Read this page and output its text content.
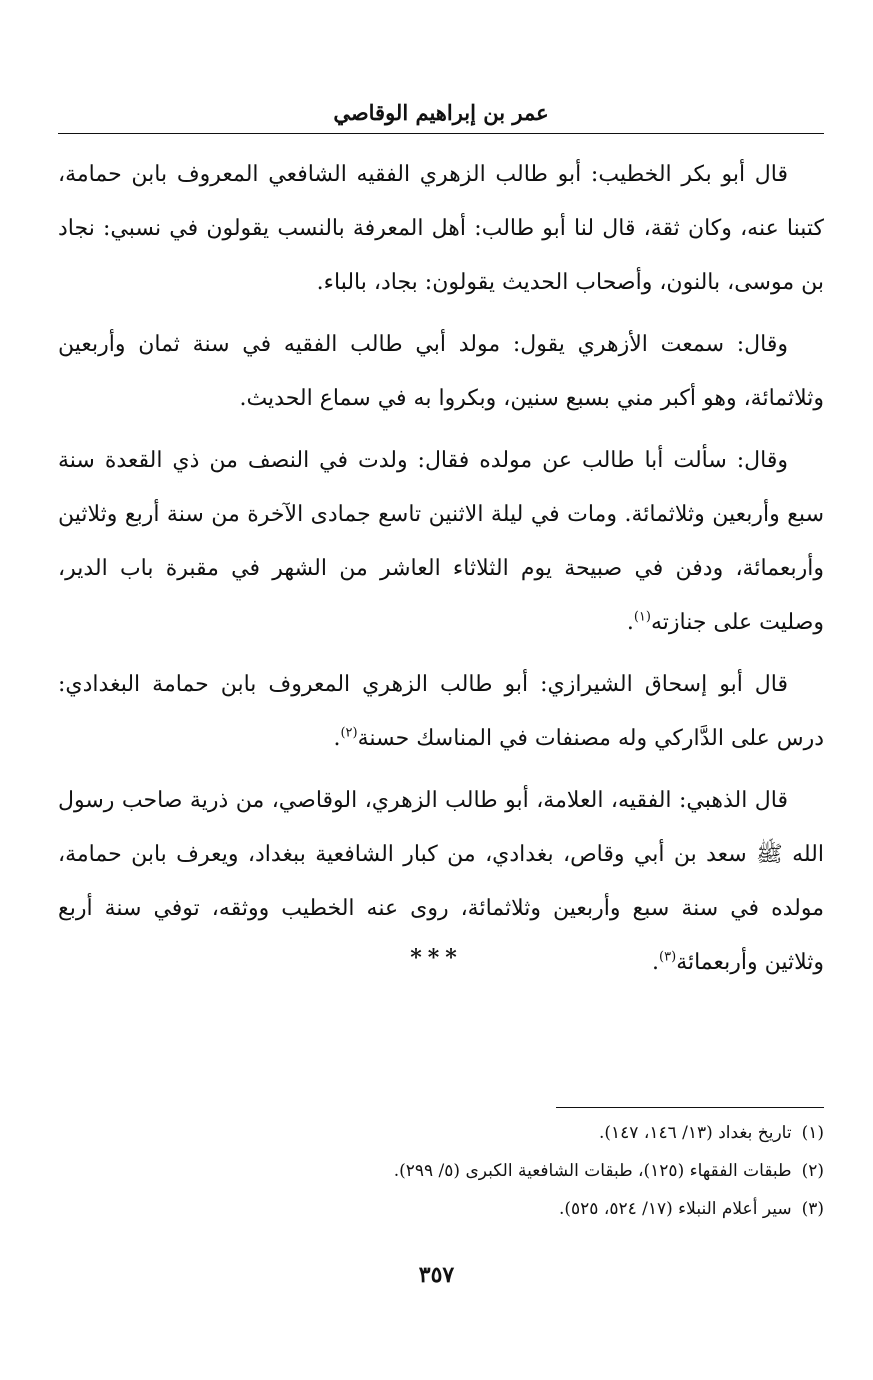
عمر بن إبراهيم الوقاصي

قال أبو بكر الخطيب: أبو طالب الزهري الفقيه الشافعي المعروف بابن حمامة، كتبنا عنه، وكان ثقة، قال لنا أبو طالب: أهل المعرفة بالنسب يقولون في نسبي: نجاد بن موسى، بالنون، وأصحاب الحديث يقولون: بجاد، بالباء.

وقال: سمعت الأزهري يقول: مولد أبي طالب الفقيه في سنة ثمان وأربعين وثلاثمائة، وهو أكبر مني بسبع سنين، وبكروا به في سماع الحديث.

وقال: سألت أبا طالب عن مولده فقال: ولدت في النصف من ذي القعدة سنة سبع وأربعين وثلاثمائة. ومات في ليلة الاثنين تاسع جمادى الآخرة من سنة أربع وثلاثين وأربعمائة، ودفن في صبيحة يوم الثلاثاء العاشر من الشهر في مقبرة باب الدير، وصليت على جنازته$^{(١)}$.

قال أبو إسحاق الشيرازي: أبو طالب الزهري المعروف بابن حمامة البغدادي: درس على الدَّاركي وله مصنفات في المناسك حسنة$^{(٢)}$.

قال الذهبي: الفقيه، العلامة، أبو طالب الزهري، الوقاصي، من ذرية صاحب رسول الله ﷺ سعد بن أبي وقاص، بغدادي، من كبار الشافعية ببغداد، ويعرف بابن حمامة، مولده في سنة سبع وأربعين وثلاثمائة، روى عنه الخطيب ووثقه، توفي سنة أربع وثلاثين وأربعمائة$^{(٣)}$.

***

(١)تاريخ بغداد (١٣/ ١٤٦، ١٤٧).

(٢)طبقات الفقهاء (١٢٥)، طبقات الشافعية الكبرى (٥/ ٢٩٩).

(٣)سير أعلام النبلاء (١٧/ ٥٢٤، ٥٢٥).

٣٥٧
